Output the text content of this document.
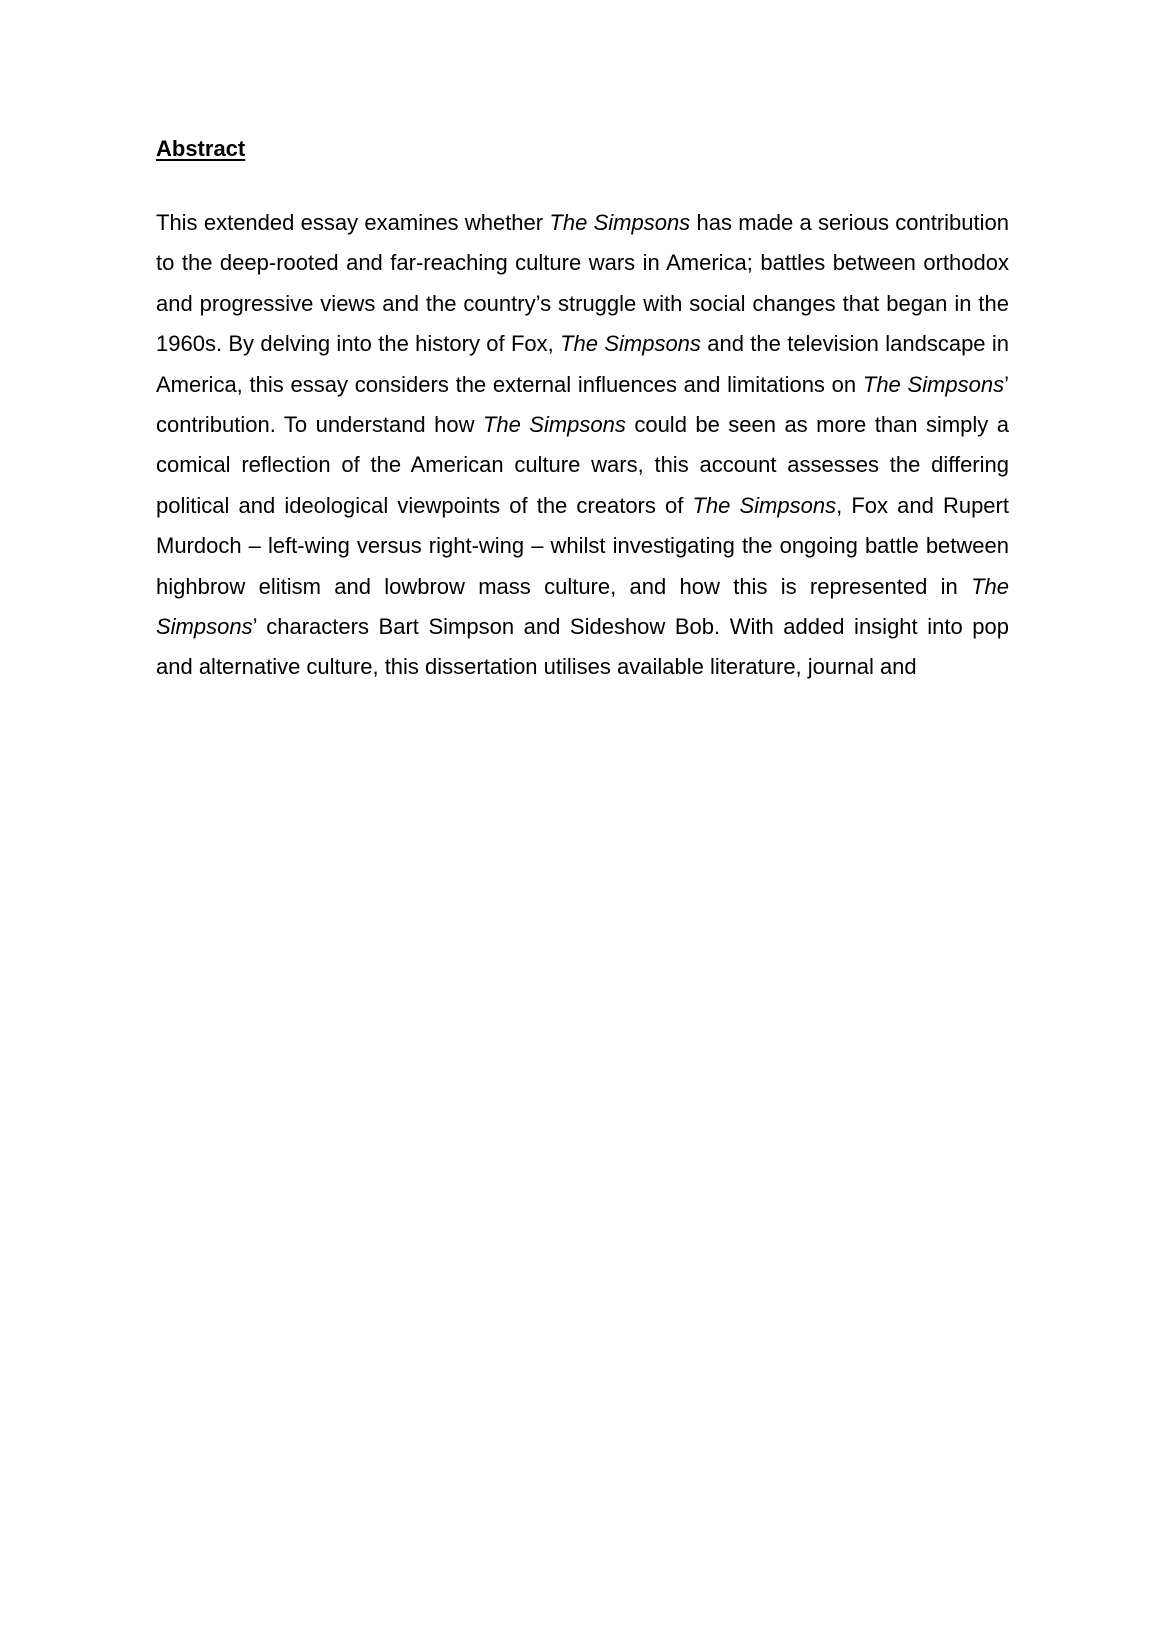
Abstract

This extended essay examines whether The Simpsons has made a serious contribution to the deep-rooted and far-reaching culture wars in America; battles between orthodox and progressive views and the country’s struggle with social changes that began in the 1960s. By delving into the history of Fox, The Simpsons and the television landscape in America, this essay considers the external influences and limitations on The Simpsons’ contribution. To understand how The Simpsons could be seen as more than simply a comical reflection of the American culture wars, this account assesses the differing political and ideological viewpoints of the creators of The Simpsons, Fox and Rupert Murdoch – left-wing versus right-wing – whilst investigating the ongoing battle between highbrow elitism and lowbrow mass culture, and how this is represented in The Simpsons’ characters Bart Simpson and Sideshow Bob. With added insight into pop and alternative culture, this dissertation utilises available literature, journal and
